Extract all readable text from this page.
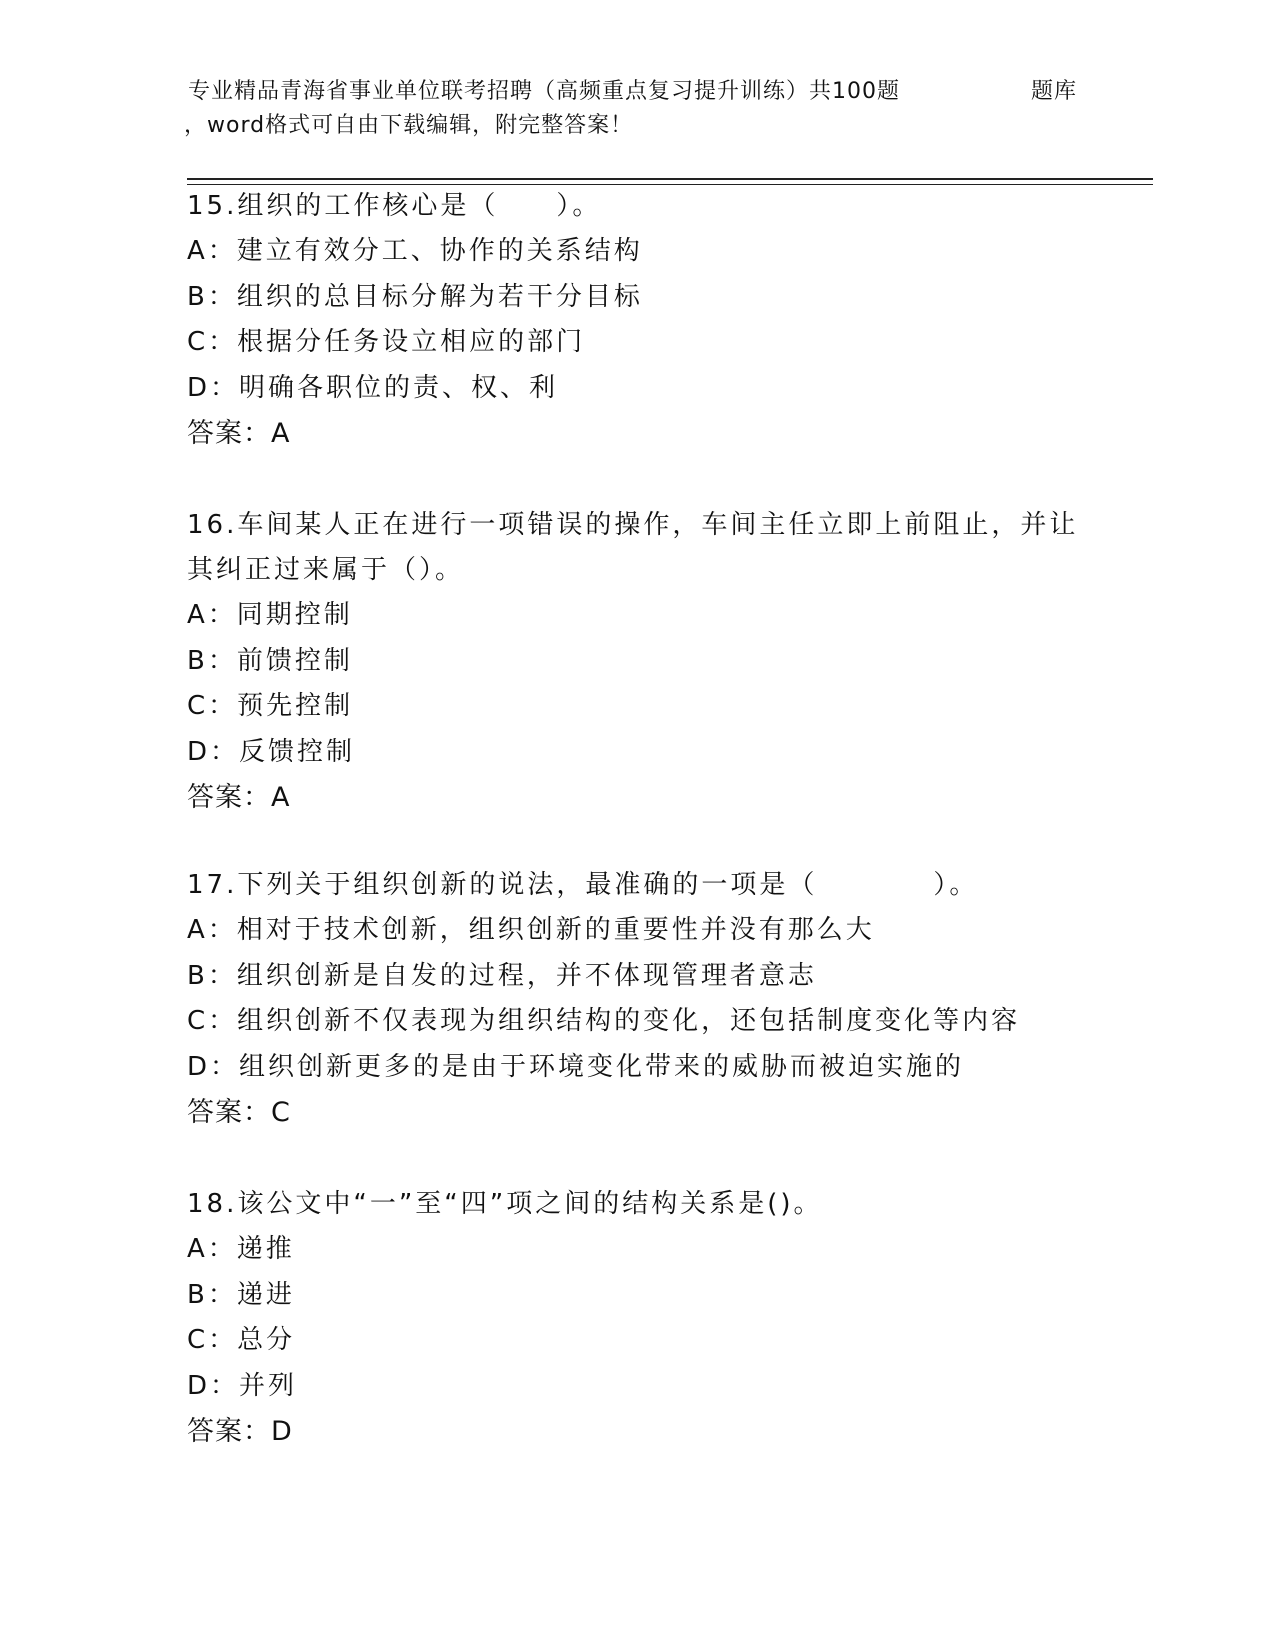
专业精品青海省事业单位联考招聘（高频重点复习提升训练）共100题	题库
，word格式可自由下载编辑，附完整答案！

15.组织的工作核心是（　　）。

A：建立有效分工、协作的关系结构

B：组织的总目标分解为若干分目标

C：根据分任务设立相应的部门

D：明确各职位的责、权、利

答案：A

16.车间某人正在进行一项错误的操作，车间主任立即上前阻止，并让其纠正过来属于（）。

A：同期控制

B：前馈控制

C：预先控制

D：反馈控制

答案：A

17.下列关于组织创新的说法，最准确的一项是（　　　　）。

A：相对于技术创新，组织创新的重要性并没有那么大

B：组织创新是自发的过程，并不体现管理者意志

C：组织创新不仅表现为组织结构的变化，还包括制度变化等内容

D：组织创新更多的是由于环境变化带来的威胁而被迫实施的

答案：C

18.该公文中“一”至“四”项之间的结构关系是()。

A：递推

B：递进

C：总分

D：并列

答案：D
